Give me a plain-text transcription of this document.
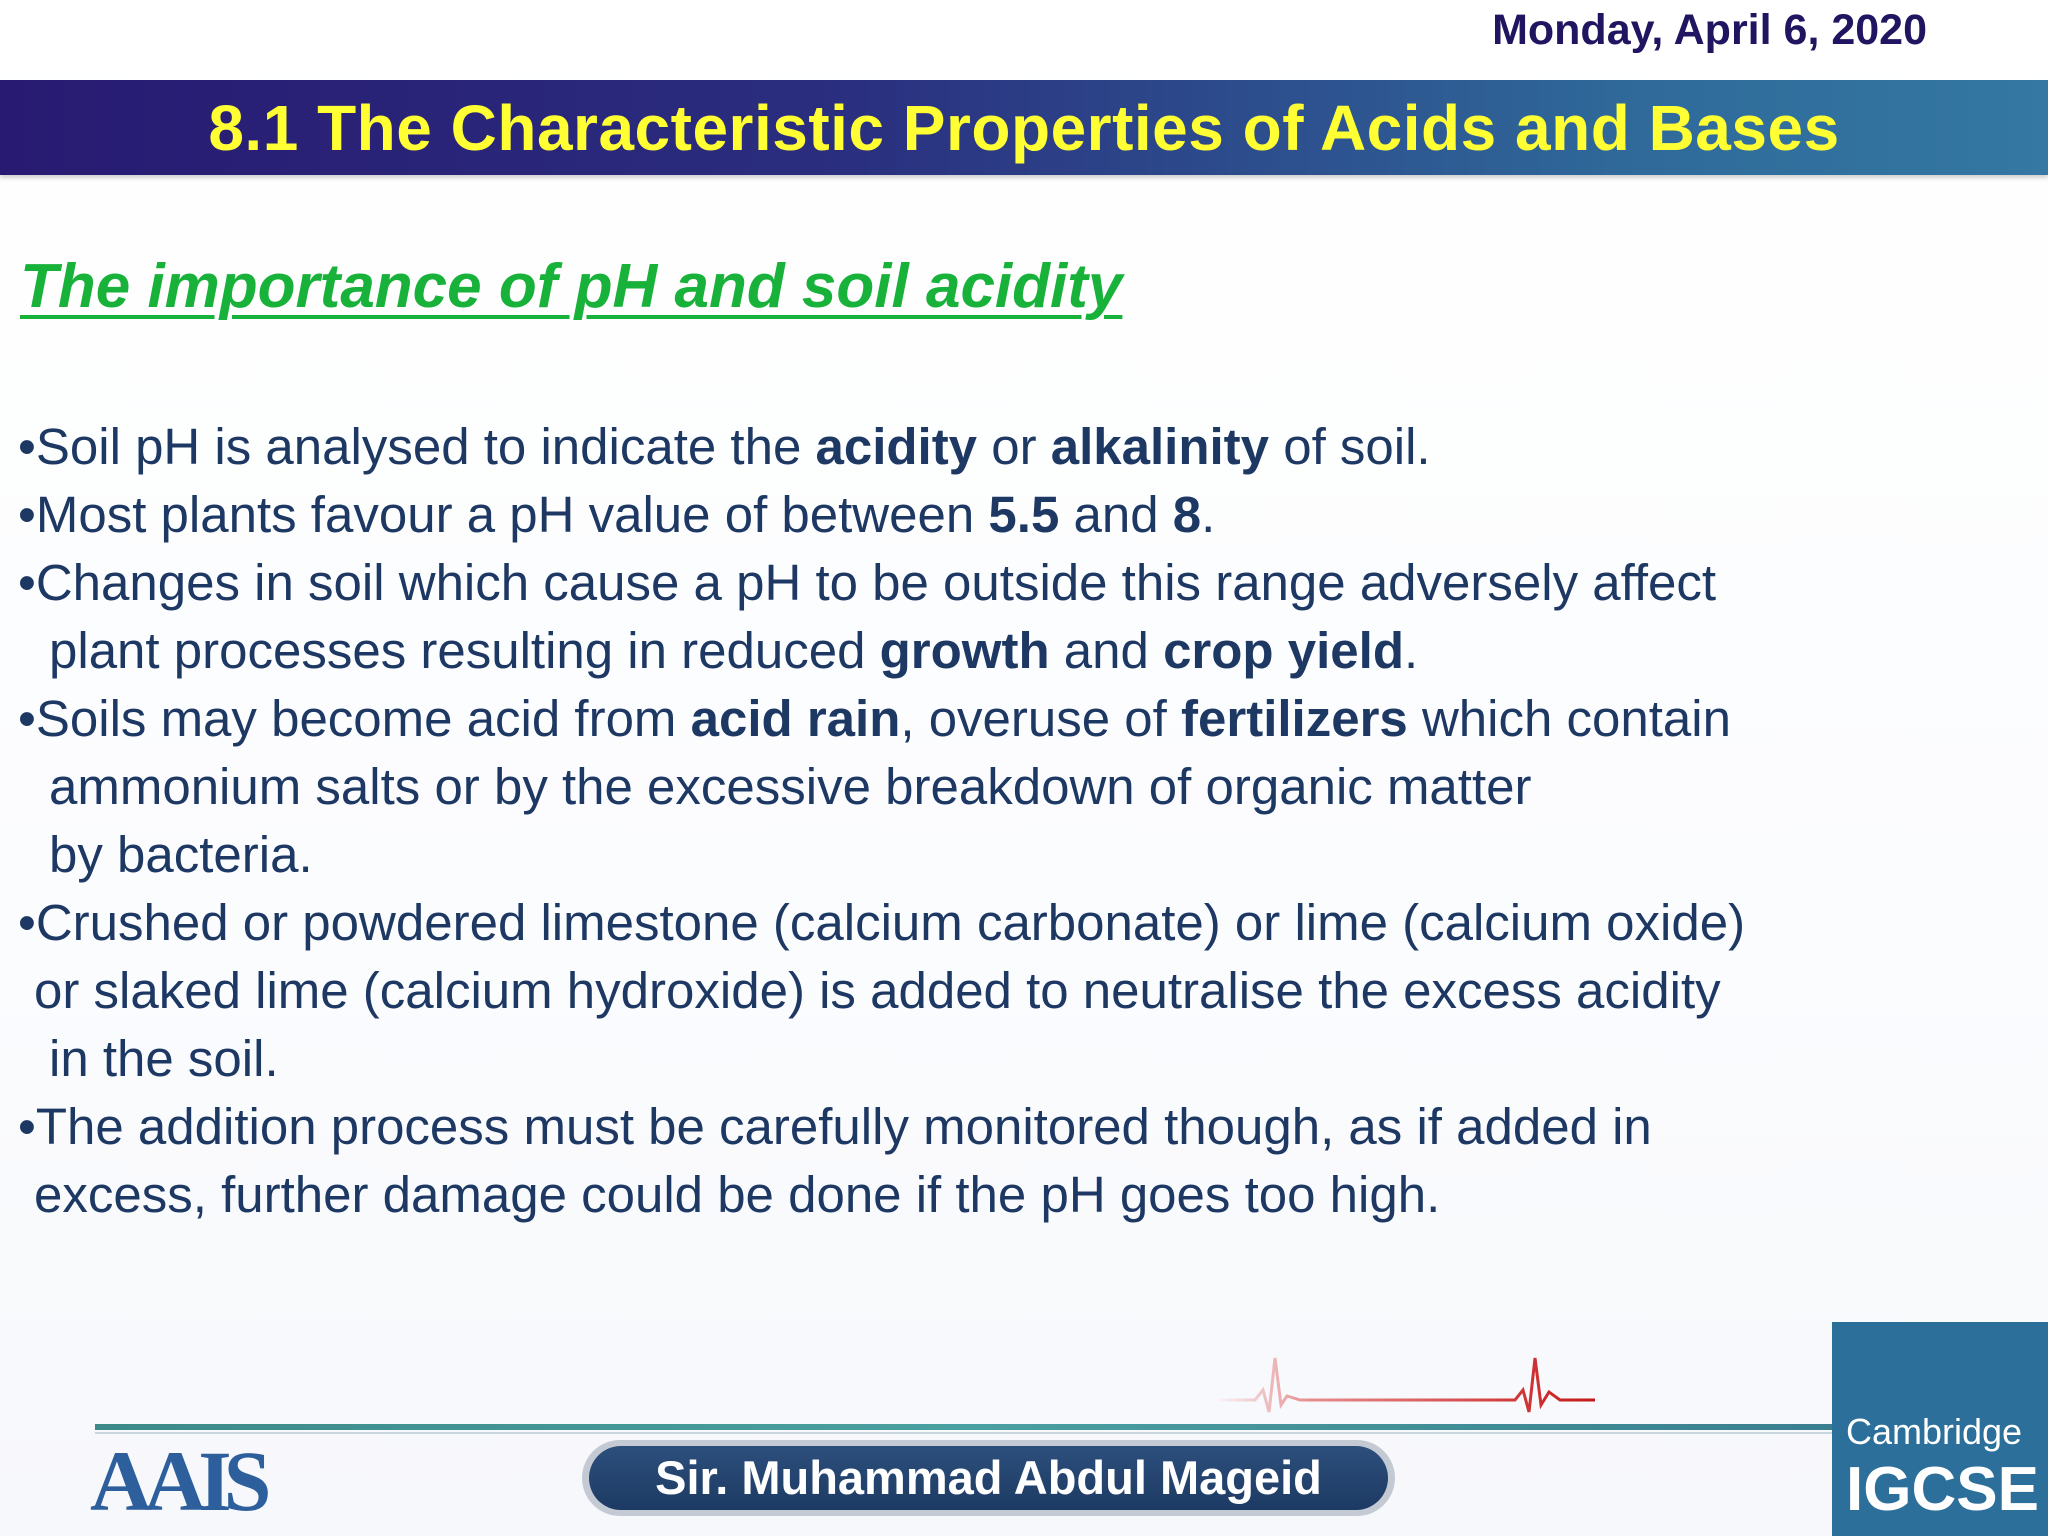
Monday, April 6, 2020
8.1 The Characteristic Properties of Acids and Bases
The importance of pH and soil acidity
•Soil pH is analysed to indicate the acidity or alkalinity of soil.
•Most plants favour a pH value of between 5.5 and 8.
•Changes in soil which cause a pH to be outside this range adversely affect
plant processes resulting in reduced growth and crop yield.
•Soils may become acid from acid rain, overuse of fertilizers which contain
ammonium salts or by the excessive breakdown of organic matter
by bacteria.
•Crushed or powdered limestone (calcium carbonate) or lime (calcium oxide)
or slaked lime (calcium hydroxide) is added to neutralise the excess acidity
in the soil.
•The addition process must be carefully monitored though, as if added in
excess, further damage could be done if the pH goes too high.
AAIS	Sir. Muhammad Abdul Mageid
Cambridge
IGCSE
